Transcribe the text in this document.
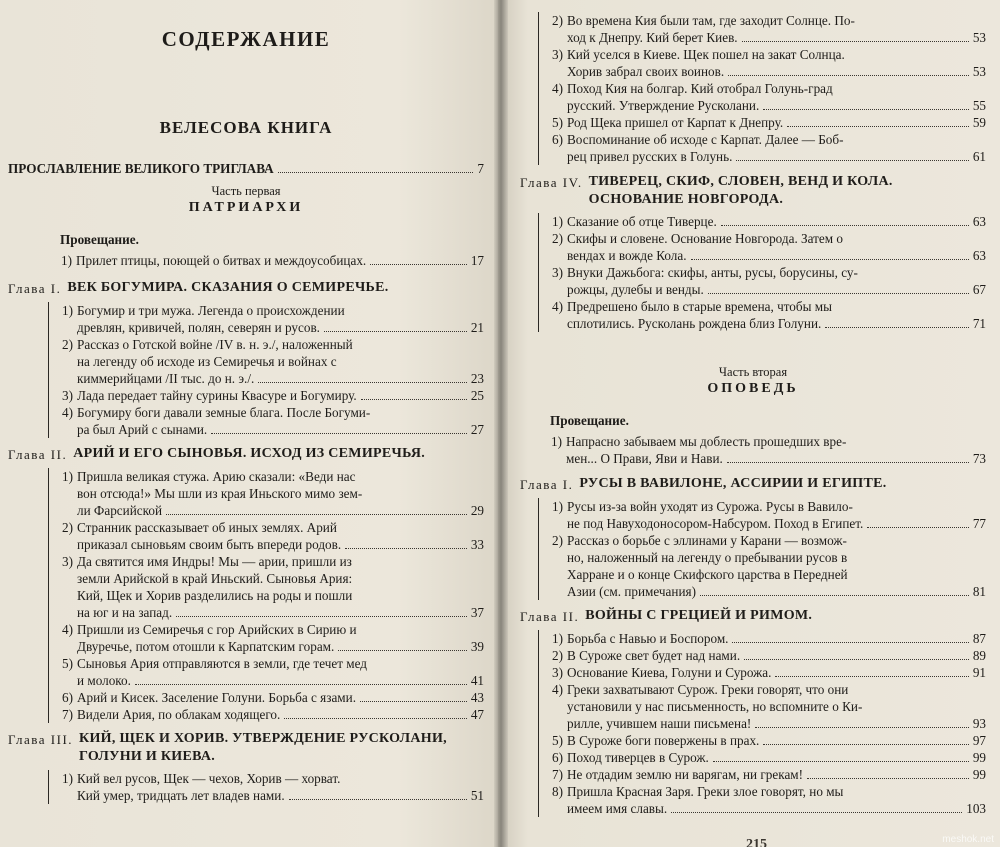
СОДЕРЖАНИЕ
ВЕЛЕСОВА КНИГА
ПРОСЛАВЛЕНИЕ ВЕЛИКОГО ТРИГЛАВА	7
Часть первая
ПАТРИАРХИ
Провещание.
1) Прилет птицы, поющей о битвах и междоусобицах.	17
Глава I. ВЕК БОГУМИРА. СКАЗАНИЯ О СЕМИРЕЧЬЕ.
1) Богумир и три мужа. Легенда о происхождении
древлян, кривичей, полян, северян и русов.	21
2) Рассказ о Готской войне /IV в. н. э./, наложенный
на легенду об исходе из Семиречья и войнах с
киммерийцами /II тыс. до н. э./.	23
3) Лада передает тайну сурины Квасуре и Богумиру.	25
4) Богумиру боги давали земные блага. После Богуми-
ра был Арий с сынами.	27
Глава II. АРИЙ И ЕГО СЫНОВЬЯ. ИСХОД ИЗ СЕМИРЕЧЬЯ.
1) Пришла великая стужа. Арию сказали: «Веди нас
вон отсюда!» Мы шли из края Иньского мимо зем-
ли Фарсийской	29
2) Странник рассказывает об иных землях. Арий
приказал сыновьям своим быть впереди родов.	33
3) Да святится имя Индры! Мы — арии, пришли из
земли Арийской в край Иньский. Сыновья Ария:
Кий, Щек и Хорив разделились на роды и пошли
на юг и на запад.	37
4) Пришли из Семиречья с гор Арийских в Сирию и
Двуречье, потом отошли к Карпатским горам.	39
5) Сыновья Ария отправляются в земли, где течет мед
и молоко.	41
6) Арий и Кисек. Заселение Голуни. Борьба с язами.	43
7) Видели Ария, по облакам ходящего.	47
Глава III. КИЙ, ЩЕК И ХОРИВ. УТВЕРЖДЕНИЕ РУСКОЛАНИ, ГОЛУНИ И КИЕВА.
1) Кий вел русов, Щек — чехов, Хорив — хорват.
Кий умер, тридцать лет владев нами.	51
2) Во времена Кия были там, где заходит Солнце. По-
ход к Днепру. Кий берет Киев.	53
3) Кий уселся в Киеве. Щек пошел на закат Солнца.
Хорив забрал своих воинов.	53
4) Поход Кия на болгар. Кий отобрал Голунь-град
русский. Утверждение Русколани.	55
5) Род Щека пришел от Карпат к Днепру.	59
6) Воспоминание об исходе с Карпат. Далее — Боб-
рец привел русских в Голунь.	61
Глава IV. ТИВЕРЕЦ, СКИФ, СЛОВЕН, ВЕНД И КОЛА. ОСНОВАНИЕ НОВГОРОДА.
1) Сказание об отце Тиверце.	63
2) Скифы и словене. Основание Новгорода. Затем о
вендах и вожде Кола.	63
3) Внуки Дажьбога: скифы, анты, русы, борусины, су-
рожцы, дулебы и венды.	67
4) Предрешено было в старые времена, чтобы мы
сплотились. Русколань рождена близ Голуни.	71
Часть вторая
ОПОВЕДЬ
Провещание.
1) Напрасно забываем мы доблесть прошедших вре-
мен... О Прави, Яви и Нави.	73
Глава I. РУСЫ В ВАВИЛОНЕ, АССИРИИ И ЕГИПТЕ.
1) Русы из-за войн уходят из Сурожа. Русы в Вавило-
не под Навуходоносором-Набсуром. Поход в Египет.	77
2) Рассказ о борьбе с эллинами у Карани — возмож-
но, наложенный на легенду о пребывании русов в
Харране и о конце Скифского царства в Передней
Азии (см. примечания)	81
Глава II. ВОЙНЫ С ГРЕЦИЕЙ И РИМОМ.
1) Борьба с Навью и Боспором.	87
2) В Суроже свет будет над нами.	89
3) Основание Киева, Голуни и Сурожа.	91
4) Греки захватывают Сурож. Греки говорят, что они
установили у нас письменность, но вспомните о Ки-
рилле, учившем наши письмена!	93
5) В Суроже боги повержены в прах.	97
6) Поход тиверцев в Сурож.	99
7) Не отдадим землю ни варягам, ни грекам!	99
8) Пришла Красная Заря. Греки злое говорят, но мы
имеем имя славы.	103
215	meshok.net
